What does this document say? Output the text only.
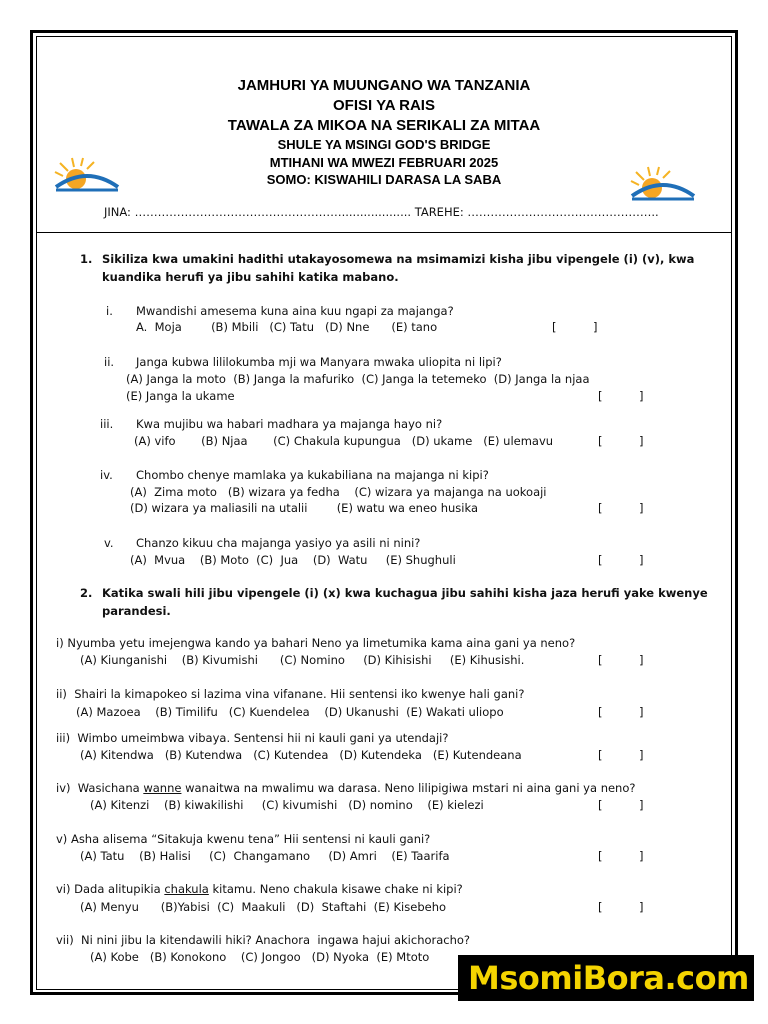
JAMHURI YA MUUNGANO WA TANZANIA
OFISI YA RAIS
TAWALA ZA MIKOA NA SERIKALI ZA MITAA
SHULE YA MSINGI GOD'S BRIDGE
MTIHANI WA MWEZI FEBRUARI 2025
SOMO: KISWAHILI DARASA LA SABA
JINA: ………………………………………………................... TAREHE: …………………………………………..
1. Sikiliza kwa umakini hadithi utakayosomewa na msimamizi kisha jibu vipengele (i) (v), kwa kuandika herufi ya jibu sahihi katika mabano.
i. Mwandishi amesema kuna aina kuu ngapi za majanga?
A.  Moja        (B) Mbili   (C) Tatu   (D) Nne      (E) tano	[          ]
ii. Janga kubwa lililokumba mji wa Manyara mwaka uliopita ni lipi?
(A) Janga la moto  (B) Janga la mafuriko  (C) Janga la tetemeko  (D) Janga la njaa
(E) Janga la ukame	[          ]
iii. Kwa mujibu wa habari madhara ya majanga hayo ni?
(A) vifo       (B) Njaa       (C) Chakula kupungua   (D) ukame   (E) ulemavu	[          ]
iv. Chombo chenye mamlaka ya kukabiliana na majanga ni kipi?
(A)  Zima moto   (B) wizara ya fedha    (C) wizara ya majanga na uokoaji
(D) wizara ya maliasili na utalii        (E) watu wa eneo husika	[          ]
v. Chanzo kikuu cha majanga yasiyo ya asili ni nini?
(A)  Mvua    (B) Moto  (C)  Jua    (D)  Watu     (E) Shughuli	[          ]
2. Katika swali hili jibu vipengele (i) (x) kwa kuchagua jibu sahihi kisha jaza herufi yake kwenye parandesi.
i) Nyumba yetu imejengwa kando ya bahari Neno ya limetumika kama aina gani ya neno?
(A) Kiunganishi    (B) Kivumishi      (C) Nomino     (D) Kihisishi     (E) Kihusishi.	[          ]
ii)  Shairi la kimapokeo si lazima vina vifanane. Hii sentensi iko kwenye hali gani?
(A) Mazoea    (B) Timilifu   (C) Kuendelea    (D) Ukanushi  (E) Wakati uliopo	[          ]
iii)  Wimbo umeimbwa vibaya. Sentensi hii ni kauli gani ya utendaji?
(A) Kitendwa   (B) Kutendwa   (C) Kutendea   (D) Kutendeka   (E) Kutendeana	[          ]
iv)  Wasichana wanne wanaitwa na mwalimu wa darasa. Neno lilipigiwa mstari ni aina gani ya neno?
(A) Kitenzi    (B) kiwakilishi     (C) kivumishi   (D) nomino    (E) kielezi	[          ]
v) Asha alisema “Sitakuja kwenu tena” Hii sentensi ni kauli gani?
(A) Tatu    (B) Halisi     (C)  Changamano     (D) Amri    (E) Taarifa	[          ]
vi) Dada alitupikia chakula kitamu. Neno chakula kisawe chake ni kipi?
(A) Menyu      (B)Yabisi  (C)  Maakuli   (D)  Staftahi  (E) Kisebeho	[          ]
vii)  Ni nini jibu la kitendawili hiki? Anachora  ingawa hajui akichoracho?
(A) Kobe   (B) Konokono    (C) Jongoo   (D) Nyoka  (E) Mtoto
MsomiBora.com
